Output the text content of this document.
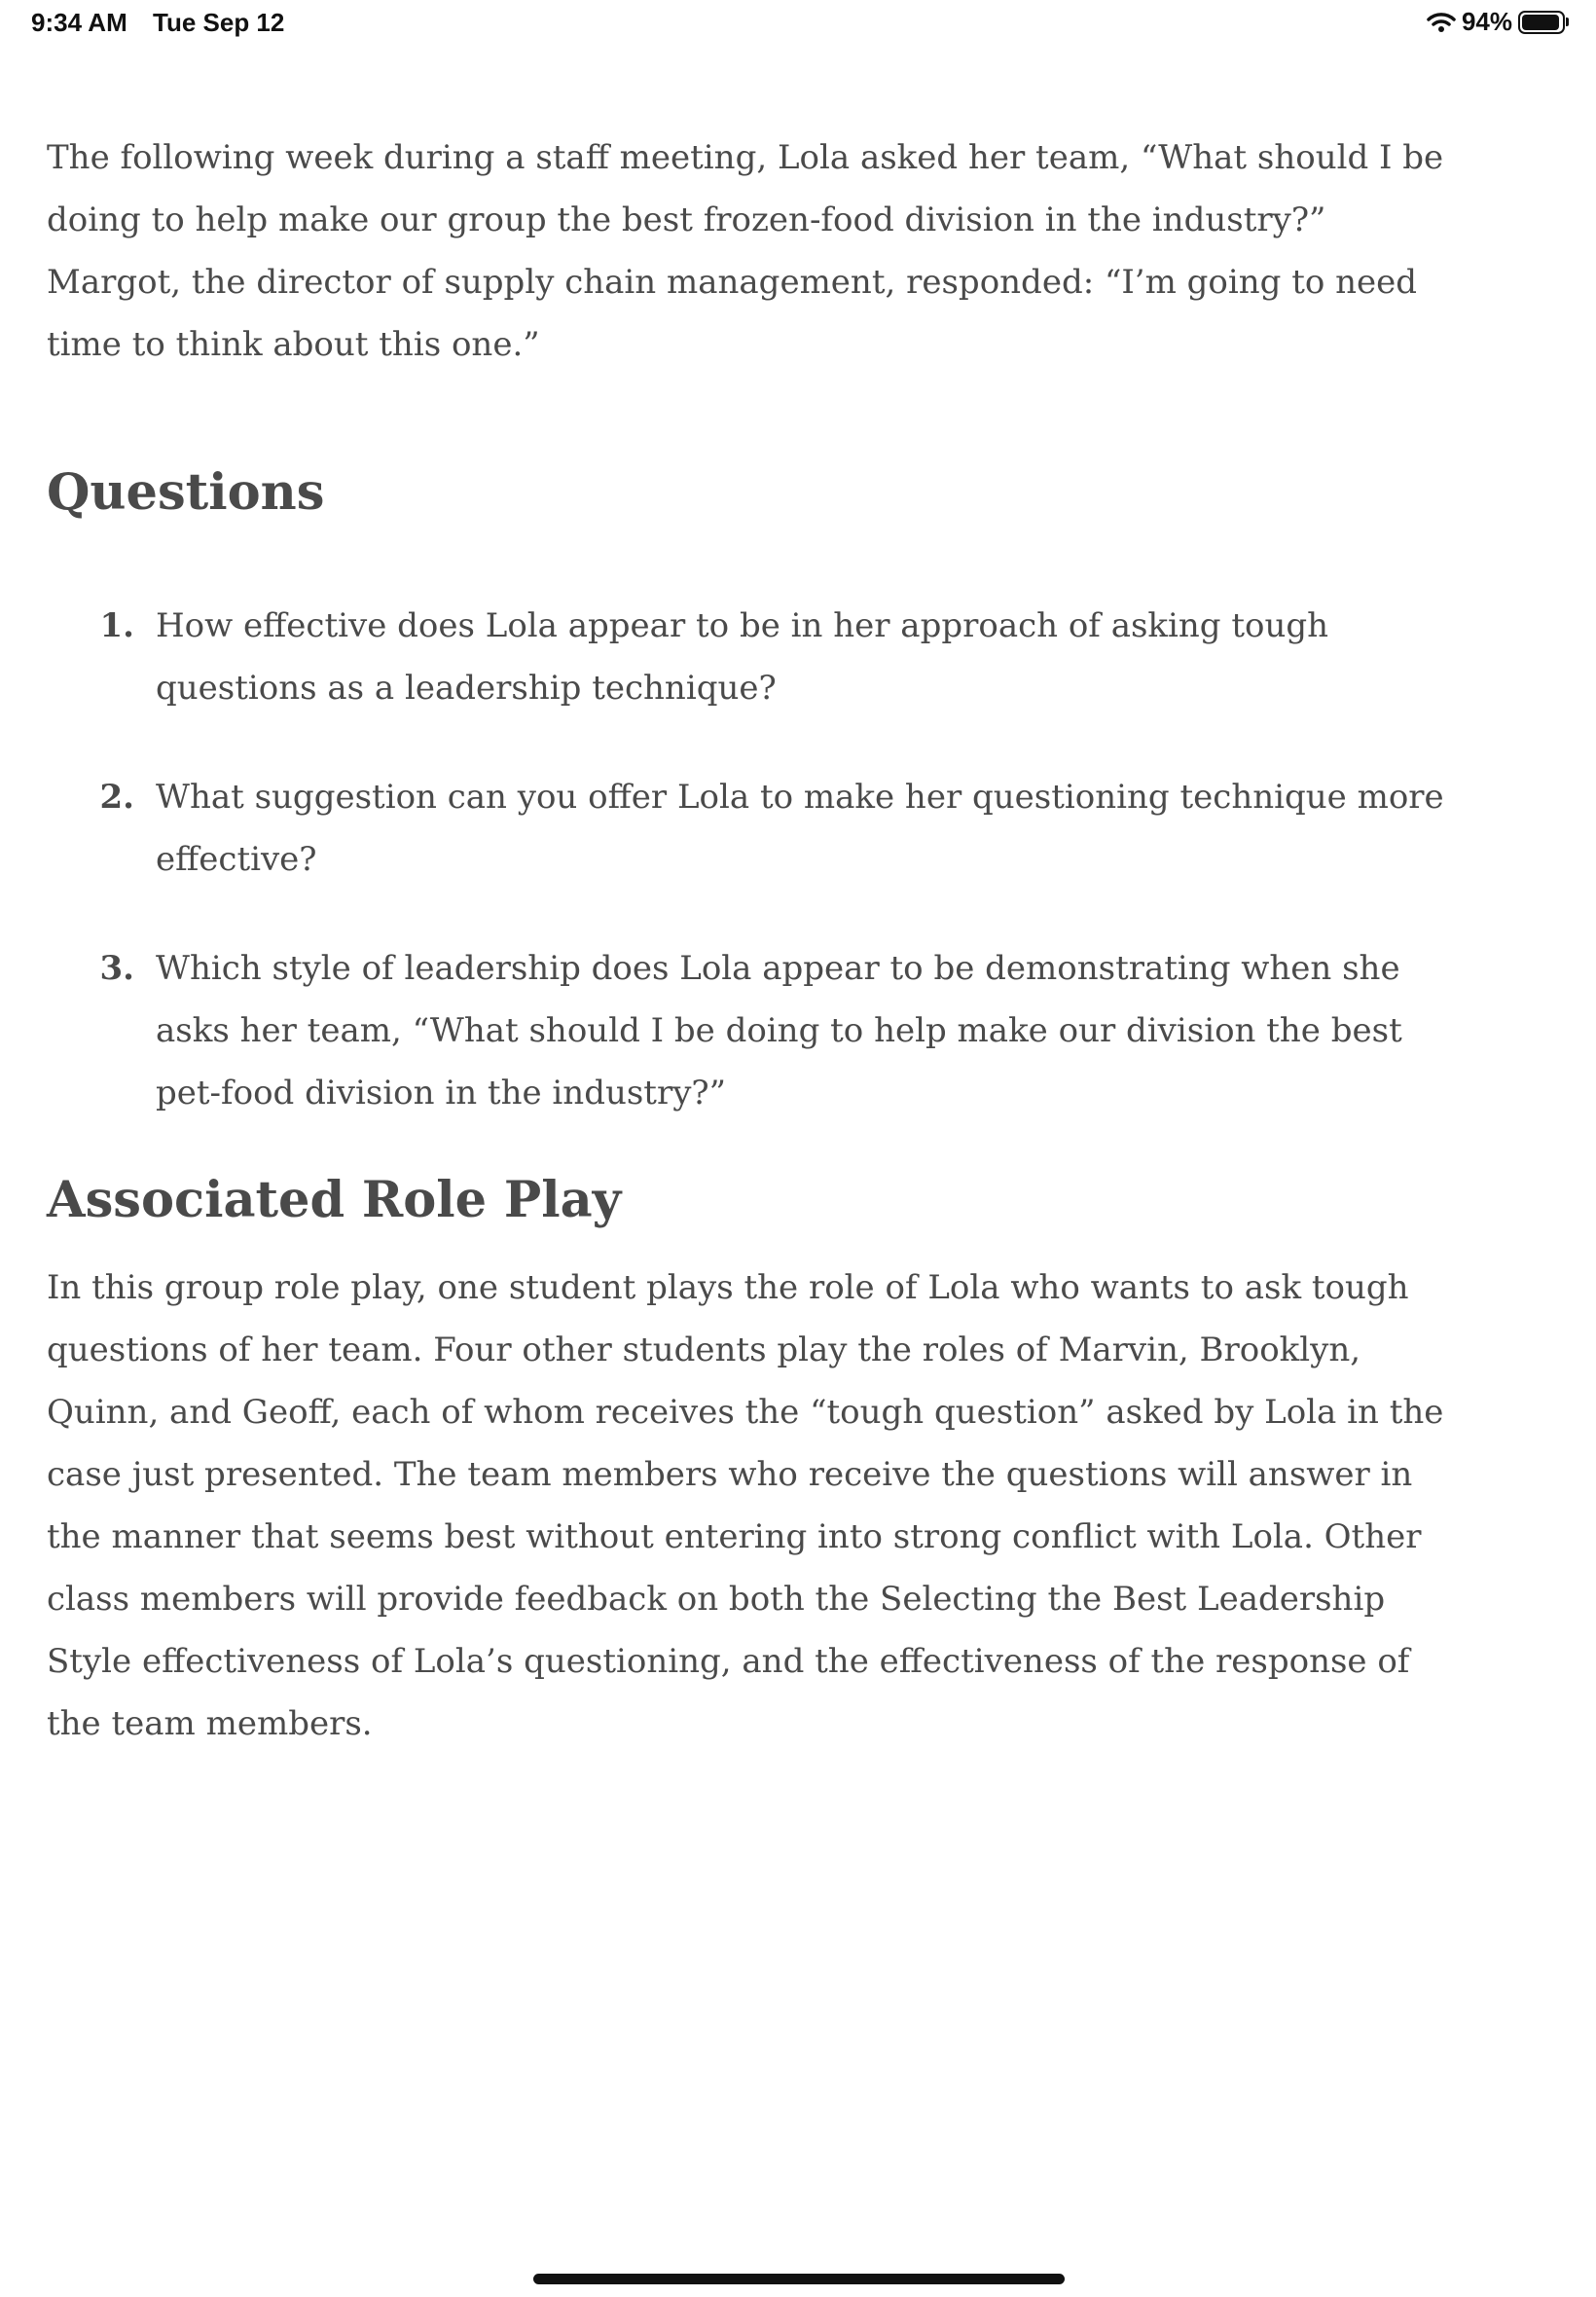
9:34 AM Tue Sep 12	94%

The following week during a staff meeting, Lola asked her team, “What should I be doing to help make our group the best frozen-food division in the industry?” Margot, the director of supply chain management, responded: “I’m going to need time to think about this one.”

Questions
1. How effective does Lola appear to be in her approach of asking tough questions as a leadership technique?
2. What suggestion can you offer Lola to make her questioning technique more effective?
3. Which style of leadership does Lola appear to be demonstrating when she asks her team, “What should I be doing to help make our division the best pet-food division in the industry?”
Associated Role Play

In this group role play, one student plays the role of Lola who wants to ask tough questions of her team. Four other students play the roles of Marvin, Brooklyn, Quinn, and Geoff, each of whom receives the “tough question” asked by Lola in the case just presented. The team members who receive the questions will answer in the manner that seems best without entering into strong conflict with Lola. Other class members will provide feedback on both the Selecting the Best Leadership Style effectiveness of Lola’s questioning, and the effectiveness of the response of the team members.
